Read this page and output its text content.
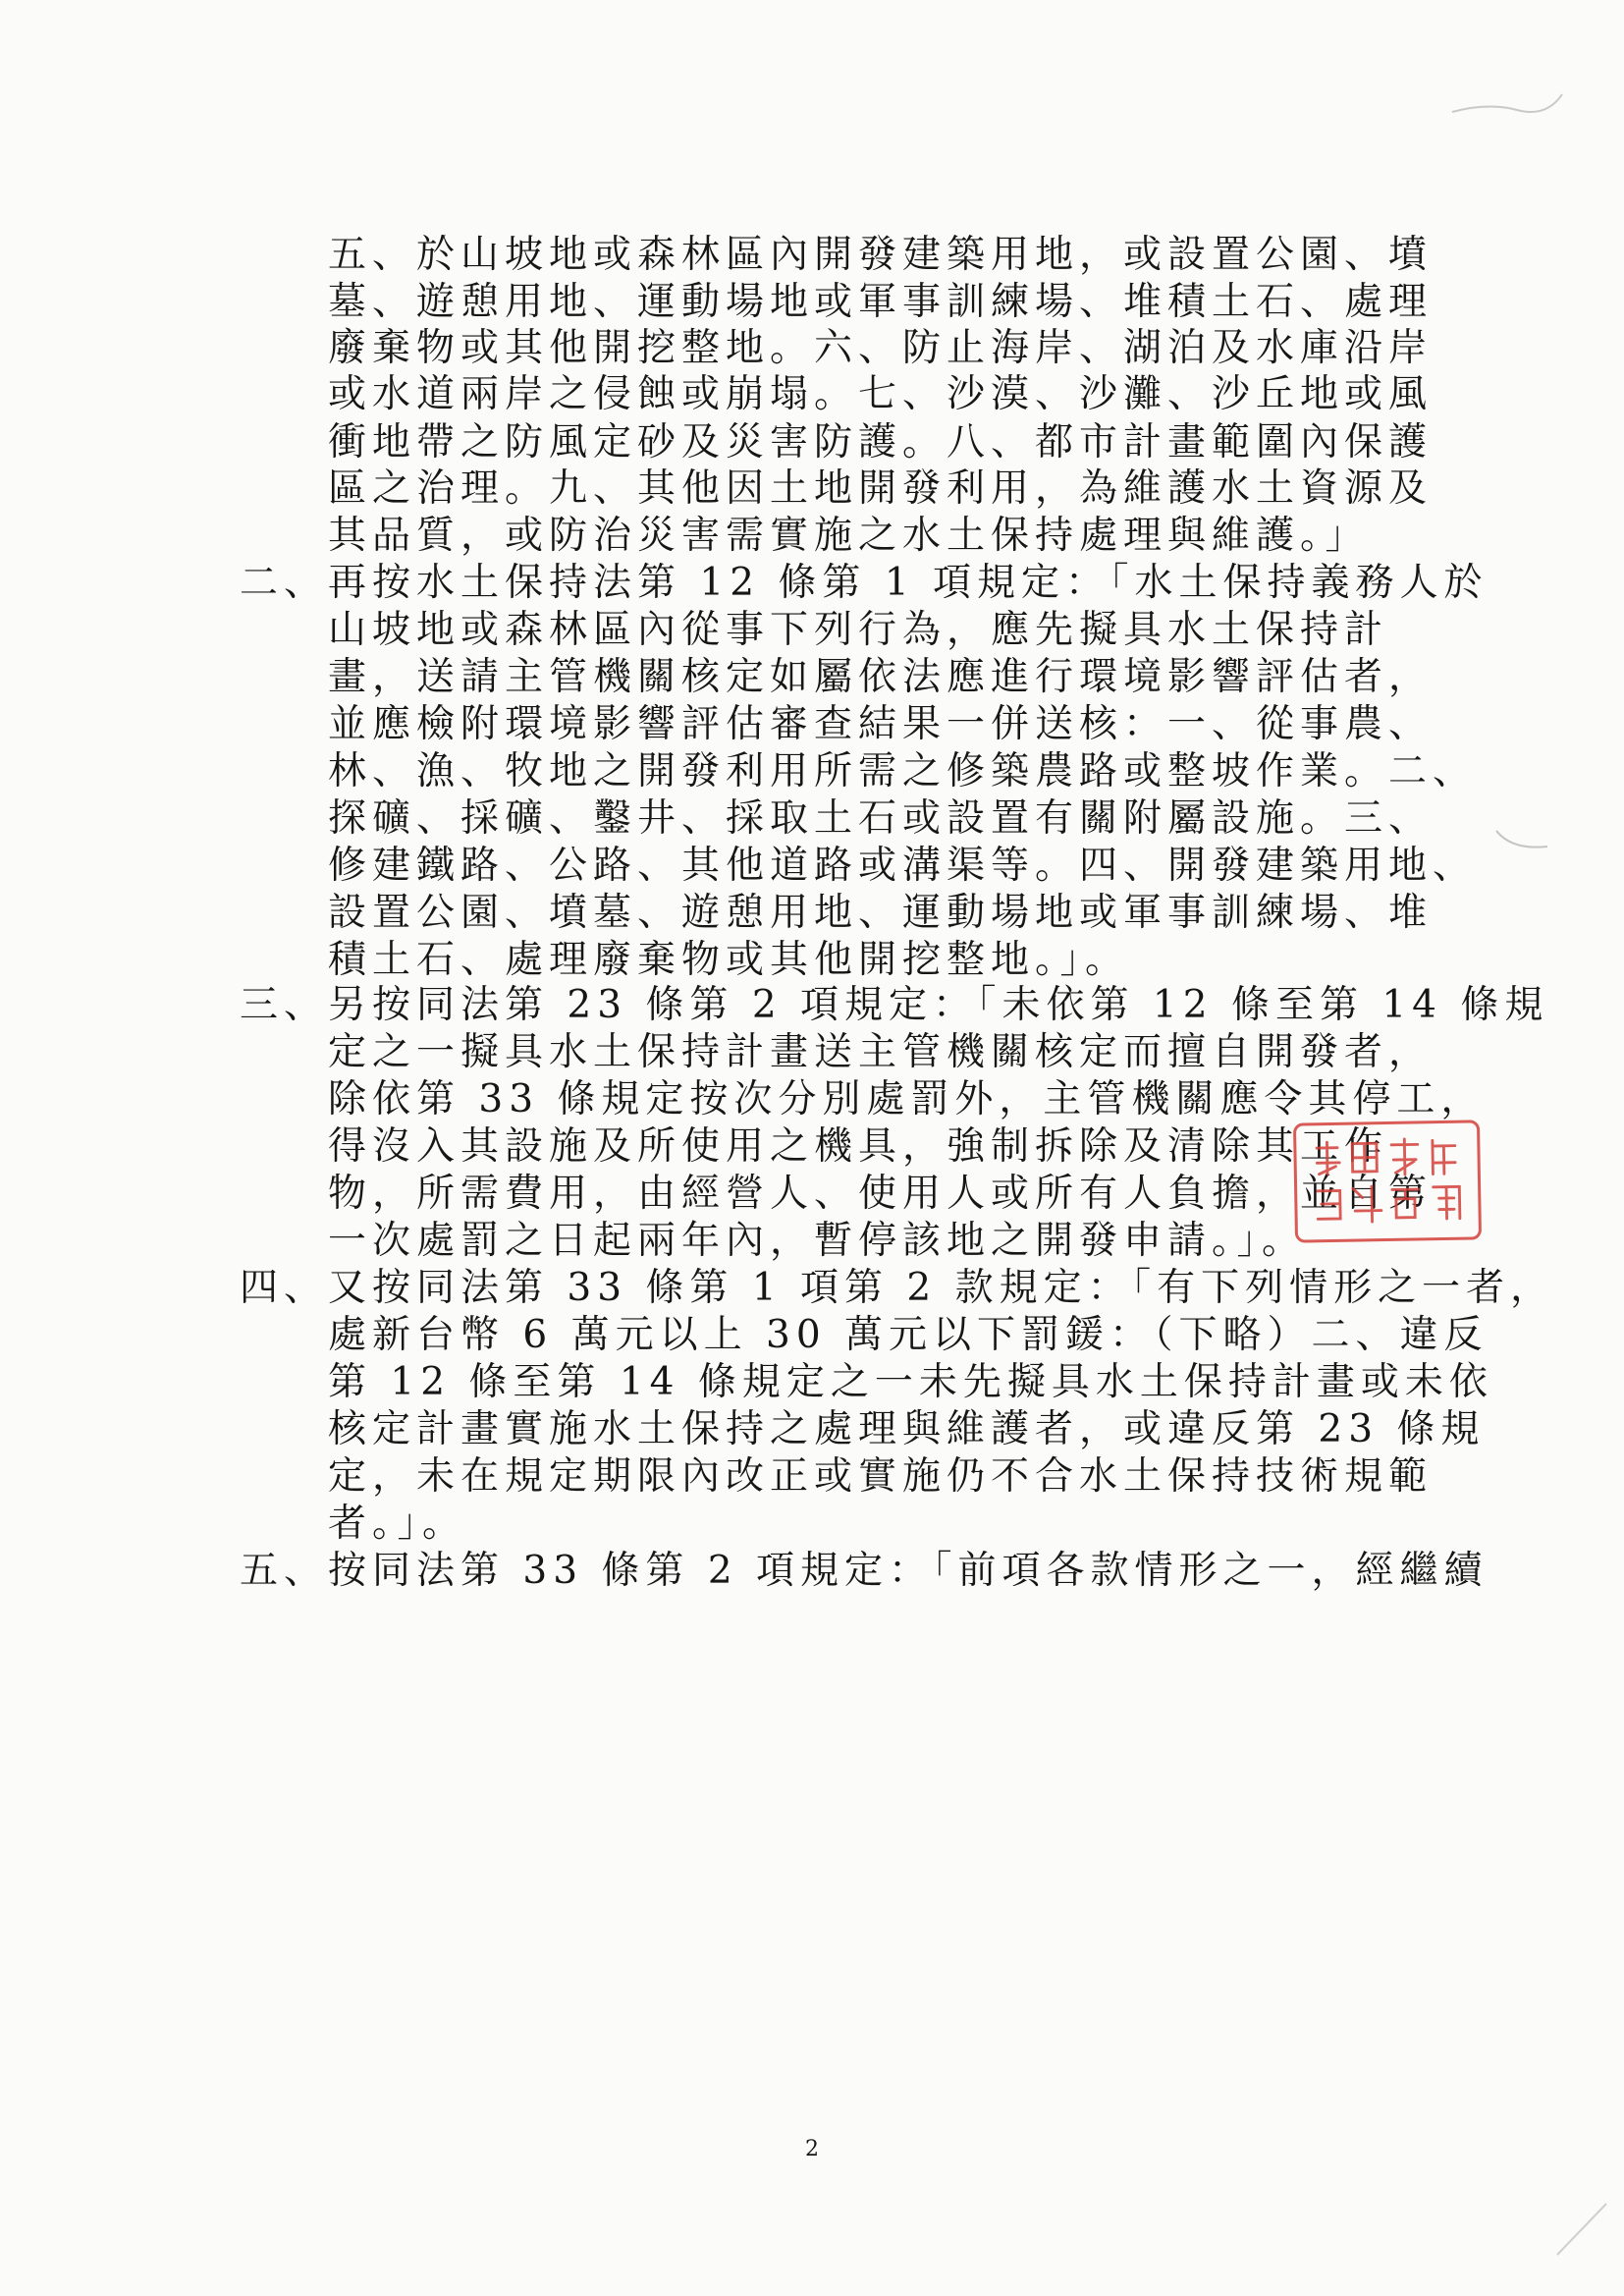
五、於山坡地或森林區內開發建築用地，或設置公園、墳
墓、遊憩用地、運動場地或軍事訓練場、堆積土石、處理
廢棄物或其他開挖整地。六、防止海岸、湖泊及水庫沿岸
或水道兩岸之侵蝕或崩塌。七、沙漠、沙灘、沙丘地或風
衝地帶之防風定砂及災害防護。八、都市計畫範圍內保護
區之治理。九、其他因土地開發利用，為維護水土資源及
其品質，或防治災害需實施之水土保持處理與維護。」
二、 再按水土保持法第 12 條第 1 項規定：「水土保持義務人於
山坡地或森林區內從事下列行為，應先擬具水土保持計
畫，送請主管機關核定如屬依法應進行環境影響評估者，
並應檢附環境影響評估審查結果一併送核：一、從事農、
林、漁、牧地之開發利用所需之修築農路或整坡作業。二、
探礦、採礦、鑿井、採取土石或設置有關附屬設施。三、
修建鐵路、公路、其他道路或溝渠等。四、開發建築用地、
設置公園、墳墓、遊憩用地、運動場地或軍事訓練場、堆
積土石、處理廢棄物或其他開挖整地。」。
三、 另按同法第 23 條第 2 項規定：「未依第 12 條至第 14 條規
定之一擬具水土保持計畫送主管機關核定而擅自開發者，
除依第 33 條規定按次分別處罰外，主管機關應令其停工，
得沒入其設施及所使用之機具，強制拆除及清除其工作
物，所需費用，由經營人、使用人或所有人負擔，並自第
一次處罰之日起兩年內，暫停該地之開發申請。」。
四、 又按同法第 33 條第 1 項第 2 款規定：「有下列情形之一者，
處新台幣 6 萬元以上 30 萬元以下罰鍰：（下略）二、違反
第 12 條至第 14 條規定之一未先擬具水土保持計畫或未依
核定計畫實施水土保持之處理與維護者，或違反第 23 條規
定，未在規定期限內改正或實施仍不合水土保持技術規範
者。」。
五、 按同法第 33 條第 2 項規定：「前項各款情形之一，經繼續
2
